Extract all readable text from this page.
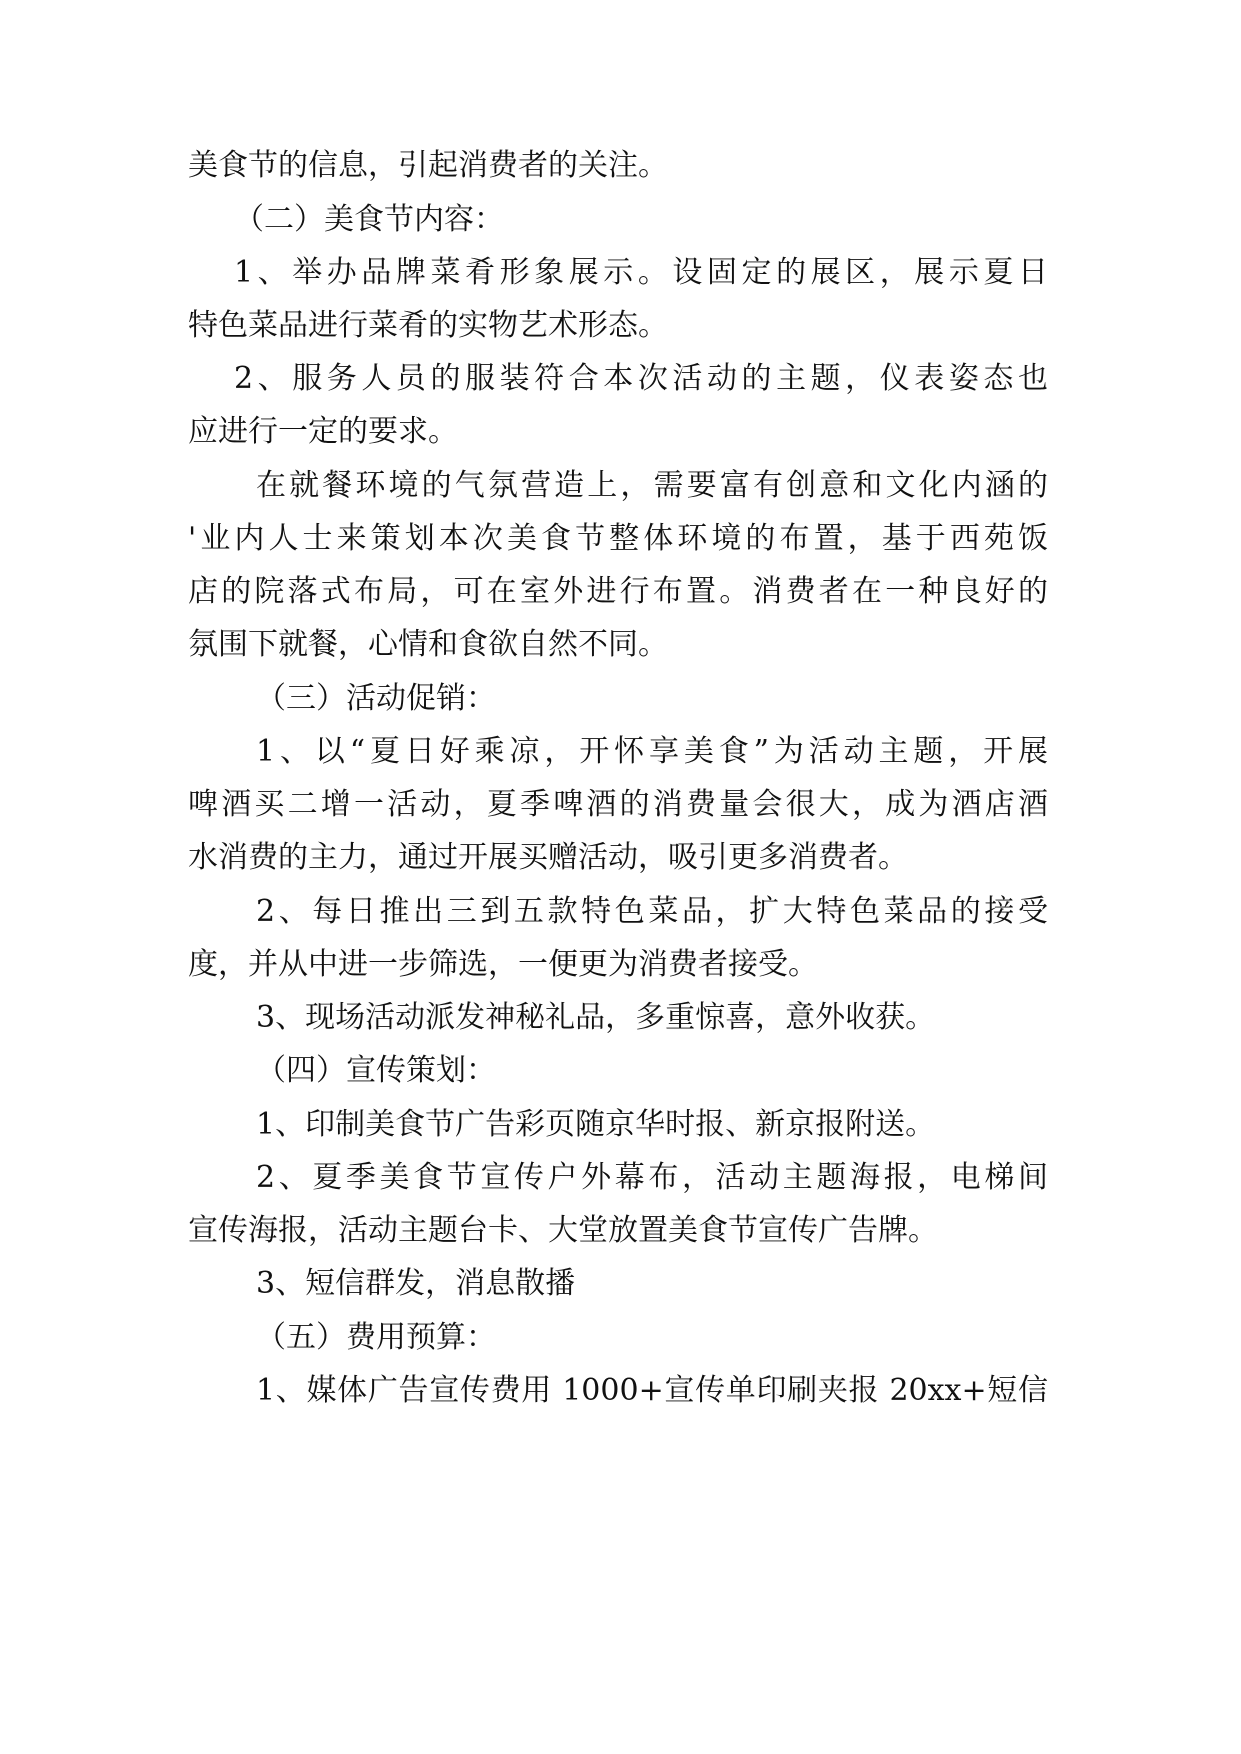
美食节的信息，引起消费者的关注。
（二）美食节内容：
1、举办品牌菜肴形象展示。设固定的展区，展示夏日
特色菜品进行菜肴的实物艺术形态。
2、服务人员的服装符合本次活动的主题，仪表姿态也
应进行一定的要求。
在就餐环境的气氛营造上，需要富有创意和文化内涵的
'业内人士来策划本次美食节整体环境的布置，基于西苑饭
店的院落式布局，可在室外进行布置。消费者在一种良好的
氛围下就餐，心情和食欲自然不同。
（三）活动促销：
1、以“夏日好乘凉，开怀享美食”为活动主题，开展
啤酒买二增一活动，夏季啤酒的消费量会很大，成为酒店酒
水消费的主力，通过开展买赠活动，吸引更多消费者。
2、每日推出三到五款特色菜品，扩大特色菜品的接受
度，并从中进一步筛选，一便更为消费者接受。
3、现场活动派发神秘礼品，多重惊喜，意外收获。
（四）宣传策划：
1、印制美食节广告彩页随京华时报、新京报附送。
2、夏季美食节宣传户外幕布，活动主题海报，电梯间
宣传海报，活动主题台卡、大堂放置美食节宣传广告牌。
3、短信群发，消息散播
（五）费用预算：
1、媒体广告宣传费用 1000+宣传单印刷夹报 20xx+短信
